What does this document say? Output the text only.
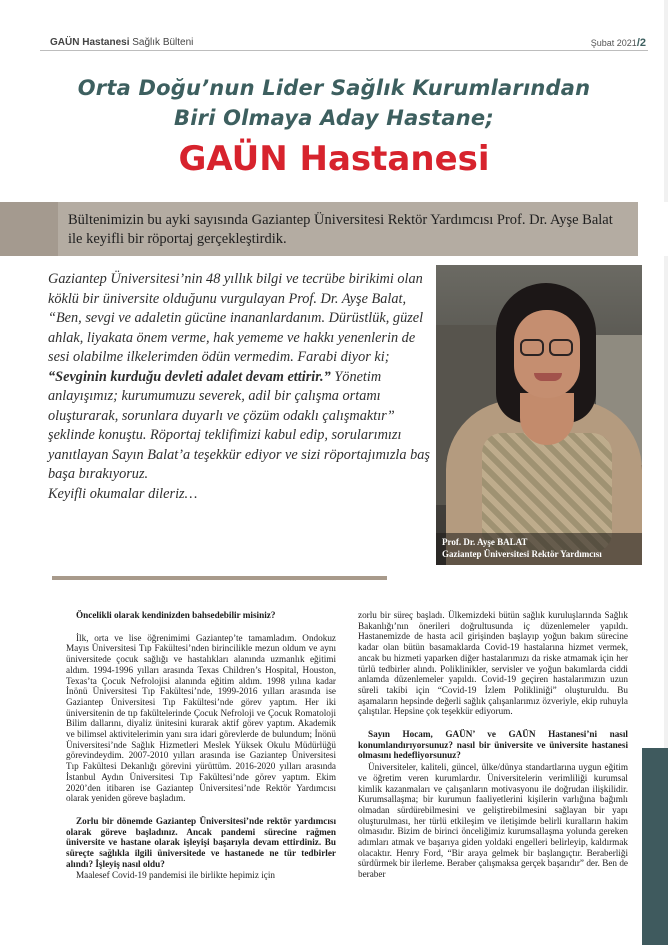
GAÜN Hastanesi Sağlık Bülteni	Şubat 2021/2
Orta Doğu’nun Lider Sağlık Kurumlarından
Biri Olmaya Aday Hastane;
GAÜN Hastanesi
Bültenimizin bu ayki sayısında Gaziantep Üniversitesi Rektör Yardımcısı Prof. Dr. Ayşe Balat ile keyifli bir röportaj gerçekleştirdik.
Gaziantep Üniversitesi’nin 48 yıllık bilgi ve tecrübe birikimi olan köklü bir üniversite olduğunu vurgulayan Prof. Dr. Ayşe Balat, “Ben, sevgi ve adaletin gücüne inananlardanım. Dürüstlük, güzel ahlak, liyakata önem verme, hak yememe ve hakkı yenenlerin de sesi olabilme ilkelerimden ödün vermedim. Farabi diyor ki; “Sevginin kurduğu devleti adalet devam ettirir.” Yönetim anlayışımız; kurumumuzu severek, adil bir çalışma ortamı oluşturarak, sorunlara duyarlı ve çözüm odaklı çalışmaktır” şeklinde konuştu. Röportaj teklifimizi kabul edip, sorularımızı yanıtlayan Sayın Balat’a teşekkür ediyor ve sizi röportajımızla baş başa bırakıyoruz.
Keyifli okumalar dileriz…
Prof. Dr. Ayşe BALAT
Gaziantep Üniversitesi Rektör Yardımcısı

Öncelikli olarak kendinizden bahsedebilir misiniz?

İlk, orta ve lise öğrenimimi Gaziantep’te tamamladım. Ondokuz Mayıs Üniversitesi Tıp Fakültesi’nden birincilikle mezun oldum ve aynı üniversitede çocuk sağlığı ve hastalıkları alanında uzmanlık eğitimi aldım. 1994-1996 yılları arasında Texas Children’s Hospital, Houston, Texas’ta Çocuk Nefrolojisi alanında eğitim aldım. 1998 yılına kadar İnönü Üniversitesi Tıp Fakültesi’nde, 1999-2016 yılları arasında ise Gaziantep Üniversitesi Tıp Fakültesi’nde görev yaptım. Her iki üniversitenin de tıp fakültelerinde Çocuk Nefroloji ve Çocuk Romatoloji Bilim dallarını, diyaliz ünitesini kurarak aktif görev yaptım. Akademik ve bilimsel aktivitelerimin yanı sıra idari görevlerde de bulundum; İnönü Üniversitesi’nde Sağlık Hizmetleri Meslek Yüksek Okulu Müdürlüğü görevindeydim. 2007-2010 yılları arasında ise Gaziantep Üniversitesi Tıp Fakültesi Dekanlığı görevini yürüttüm. 2016-2020 yılları arasında İstanbul Aydın Üniversitesi Tıp Fakültesi’nde görev yaptım. Ekim 2020’den itibaren ise Gaziantep Üniversitesi’nde Rektör Yardımcısı olarak yeniden göreve başladım.

Zorlu bir dönemde Gaziantep Üniversitesi’nde rektör yardımcısı olarak göreve başladınız. Ancak pandemi sürecine rağmen üniversite ve hastane olarak işleyişi başarıyla devam ettirdiniz. Bu süreçte sağlıkla ilgili üniversitede ve hastanede ne tür tedbirler alındı? İşleyiş nasıl oldu?

Maalesef Covid-19 pandemisi ile birlikte hepimiz için

zorlu bir süreç başladı. Ülkemizdeki bütün sağlık kuruluşlarında Sağlık Bakanlığı’nın önerileri doğrultusunda iç düzenlemeler yapıldı. Hastanemizde de hasta acil girişinden başlayıp yoğun bakım sürecine kadar olan bütün basamaklarda Covid-19 hastalarına hizmet vermek, ancak bu hizmeti yaparken diğer hastalarımızı da riske atmamak için her türlü tedbirler alındı. Poliklinikler, servisler ve yoğun bakımlarda ciddi anlamda düzenlemeler yapıldı. Covid-19 geçiren hastalarımızın uzun süreli takibi için “Covid-19 İzlem Polikliniği” oluşturuldu. Bu aşamaların hepsinde değerli sağlık çalışanlarımız özveriyle, ekip ruhuyla çalıştılar. Hepsine çok teşekkür ediyorum.

Sayın Hocam, GAÜN’ ve GAÜN Hastanesi’ni nasıl konumlandırıyorsunuz? nasıl bir üniversite ve üniversite hastanesi olmasını hedefliyorsunuz?

Üniversiteler, kaliteli, güncel, ülke/dünya standartlarına uygun eğitim ve öğretim veren kurumlardır. Üniversitelerin verimliliği kurumsal kimlik kazanmaları ve çalışanların motivasyonu ile doğrudan ilişkilidir. Kurumsallaşma; bir kurumun faaliyetlerini kişilerin varlığına bağımlı olmadan sürdürebilmesini ve geliştirebilmesini sağlayan bir yapı oluşturulması, her türlü etkileşim ve iletişimde belirli kuralların hakim olmasıdır. Bizim de birinci önceliğimiz kurumsallaşma yolunda gereken adımları atmak ve başarıya giden yoldaki engelleri belirleyip, kaldırmak olacaktır. Henry Ford, “Bir araya gelmek bir başlangıçtır. Beraberliği sürdürmek bir ilerleme. Beraber çalışmaksa gerçek başarıdır” der. Ben de beraber
